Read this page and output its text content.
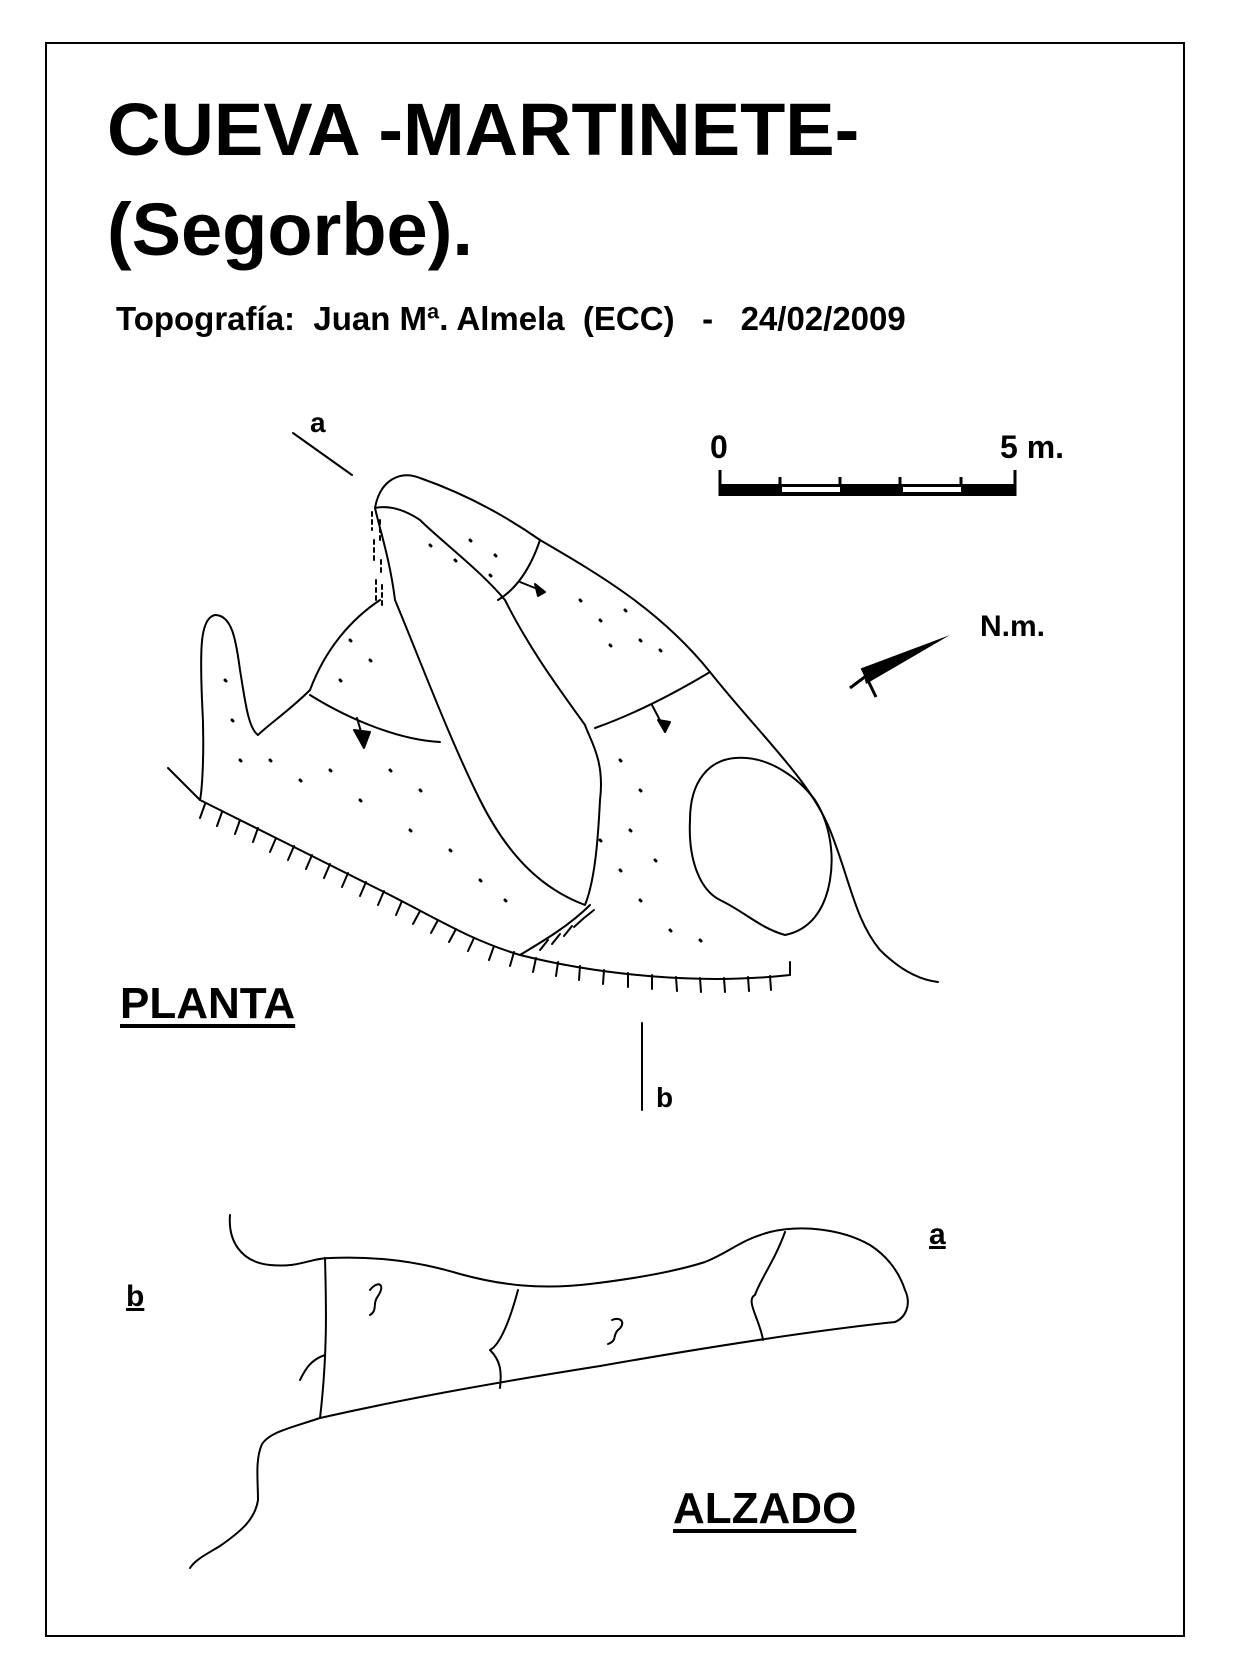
CUEVA -MARTINETE-
(Segorbe).
Topografía:  Juan Mª. Almela  (ECC)   -   24/02/2009
PLANTA
ALZADO
0	5 m.
N.m.
a
b
a
b
